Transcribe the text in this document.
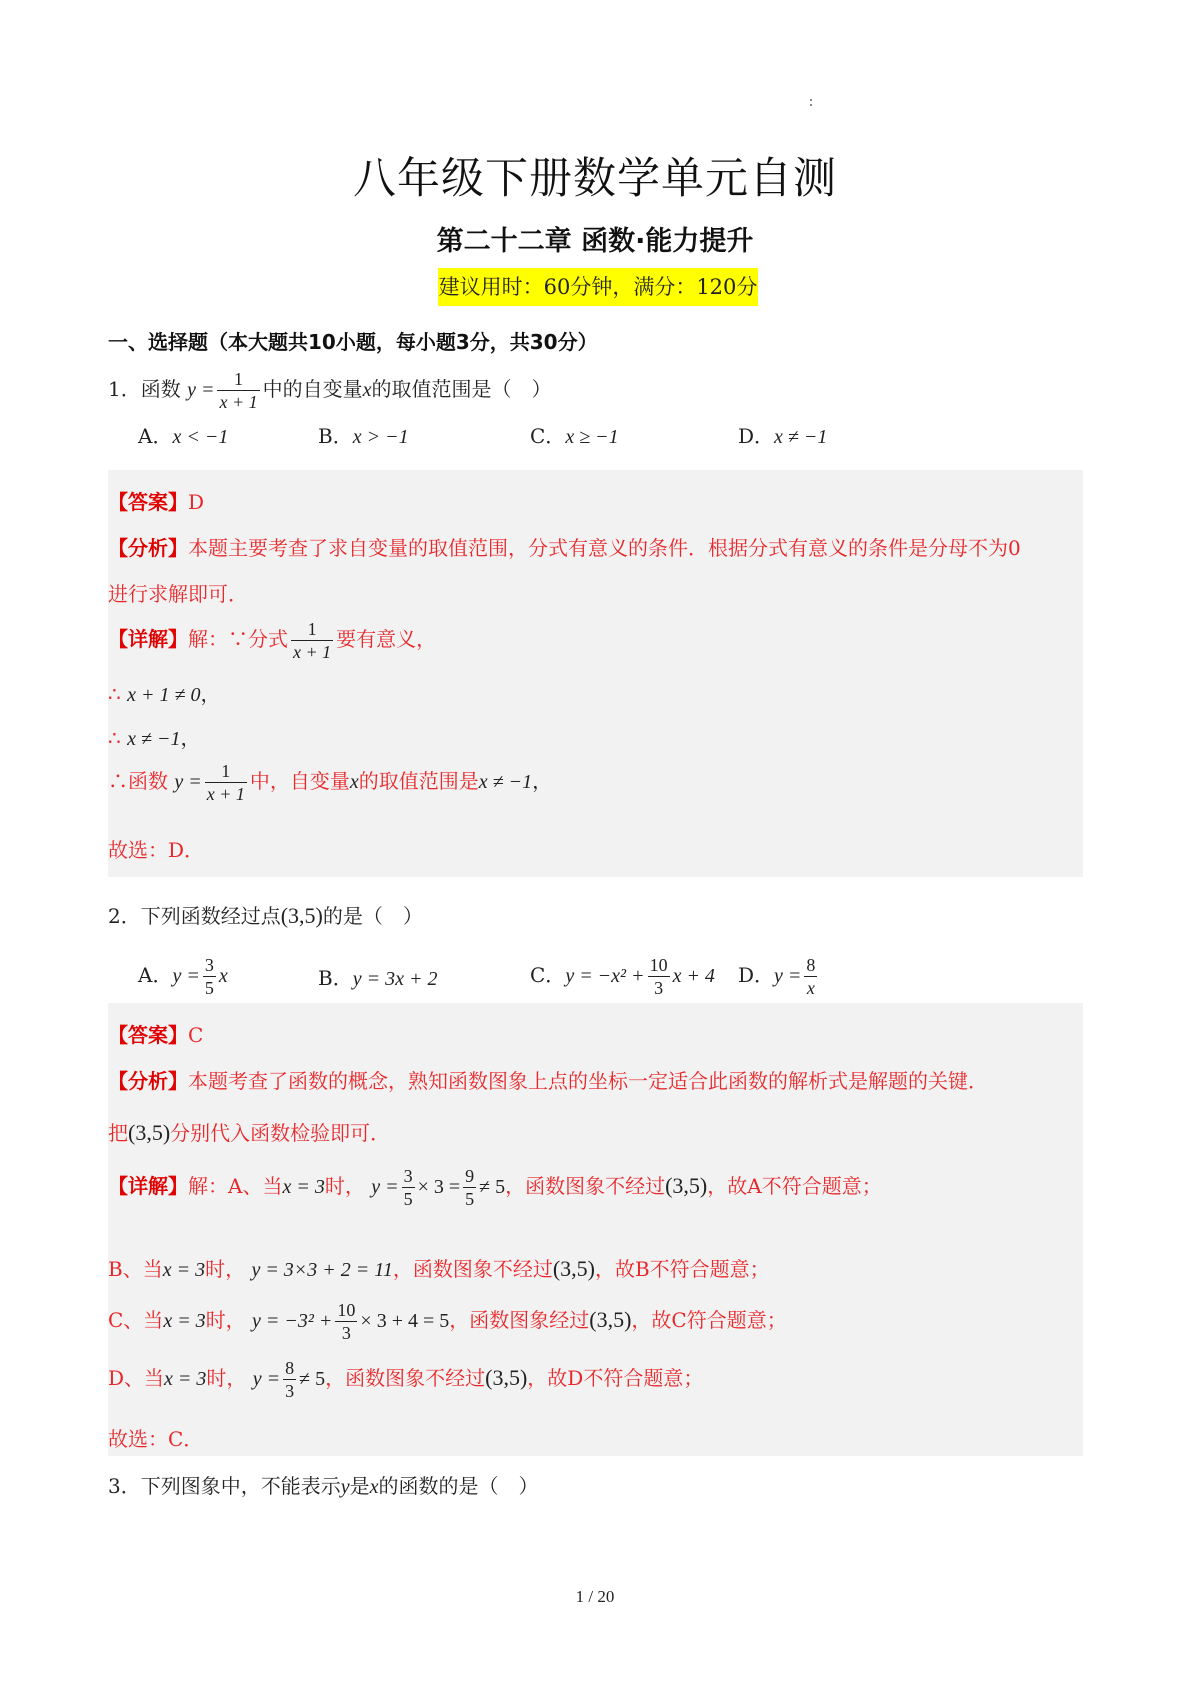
八年级下册数学单元自测
第二十二章 函数·能力提升
建议用时：60分钟，满分：120分
一、选择题（本大题共10小题，每小题3分，共30分）
1．函数 $y = \frac{1}{x + 1}$ 中的自变量x的取值范围是（　）
A．x < −1	B．x > −1	C．x ≥ −1	D．x ≠ −1
【答案】D
【分析】本题主要考查了求自变量的取值范围，分式有意义的条件．根据分式有意义的条件是分母不为0
进行求解即可．
【详解】解：∵分式 $\frac{1}{x + 1}$ 要有意义，
∴ x + 1 ≠ 0，
∴ x ≠ −1，
∴函数 $y = \frac{1}{x + 1}$ 中，自变量x的取值范围是x ≠ −1，
故选：D．
2．下列函数经过点(3,5)的是（　）
A．$y = \frac{3}{5}$ x	B．y = 3x + 2	C．$y = -x^2 + \frac{10}{3}$ x + 4 D．$y = \frac{8}{x}$
【答案】C
【分析】本题考查了函数的概念，熟知函数图象上点的坐标一定适合此函数的解析式是解题的关键．
把(3,5)分别代入函数检验即可．
【详解】解：A、当x = 3时， $y = \frac{3}{5} \times 3 = \frac{9}{5} \ne 5$，函数图象不经过(3,5)，故A不符合题意；
B、当x = 3时， y = 3×3 + 2 = 11，函数图象不经过(3,5)，故B不符合题意；
C、当x = 3时， $y = -3^2 + \frac{10}{3} \times 3 + 4 = 5$，函数图象经过(3,5)，故C符合题意；
D、当x = 3时， $y = \frac{8}{3} \ne 5$，函数图象不经过(3,5)，故D不符合题意；
故选：C．
3．下列图象中，不能表示y是x的函数的是（　）
1 / 20
